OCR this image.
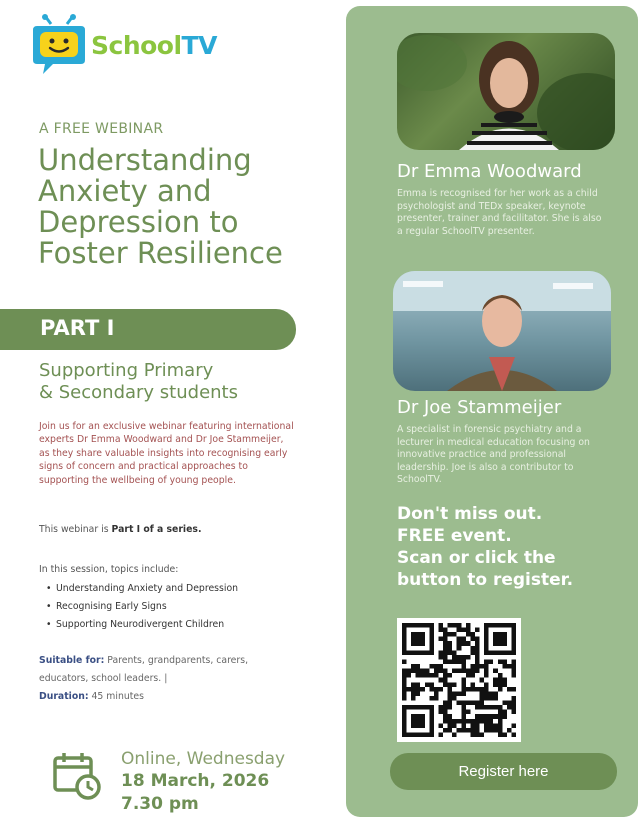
SchoolTV
A FREE WEBINAR
Understanding
Anxiety and
Depression to
Foster Resilience
PART I
Supporting Primary
& Secondary students

Join us for an exclusive webinar featuring international experts Dr Emma Woodward and Dr Joe Stammeijer, as they share valuable insights into recognising early signs of concern and practical approaches to supporting the wellbeing of young people.

This webinar is Part I of a series.

In this session, topics include:

• Understanding Anxiety and Depression
• Recognising Early Signs
• Supporting Neurodivergent Children
Suitable for: Parents, grandparents, carers,
educators, school leaders. |
Duration: 45 minutes
Online, Wednesday
18 March, 2026
7.30 pm
Dr Emma Woodward

Emma is recognised for her work as a child psychologist and TEDx speaker, keynote presenter, trainer and facilitator. She is also a regular SchoolTV presenter.

Dr Joe Stammeijer

A specialist in forensic psychiatry and a lecturer in medical education focusing on innovative practice and professional leadership. Joe is also a contributor to SchoolTV.

Don't miss out.
FREE event.
Scan or click the
button to register.
Register here
